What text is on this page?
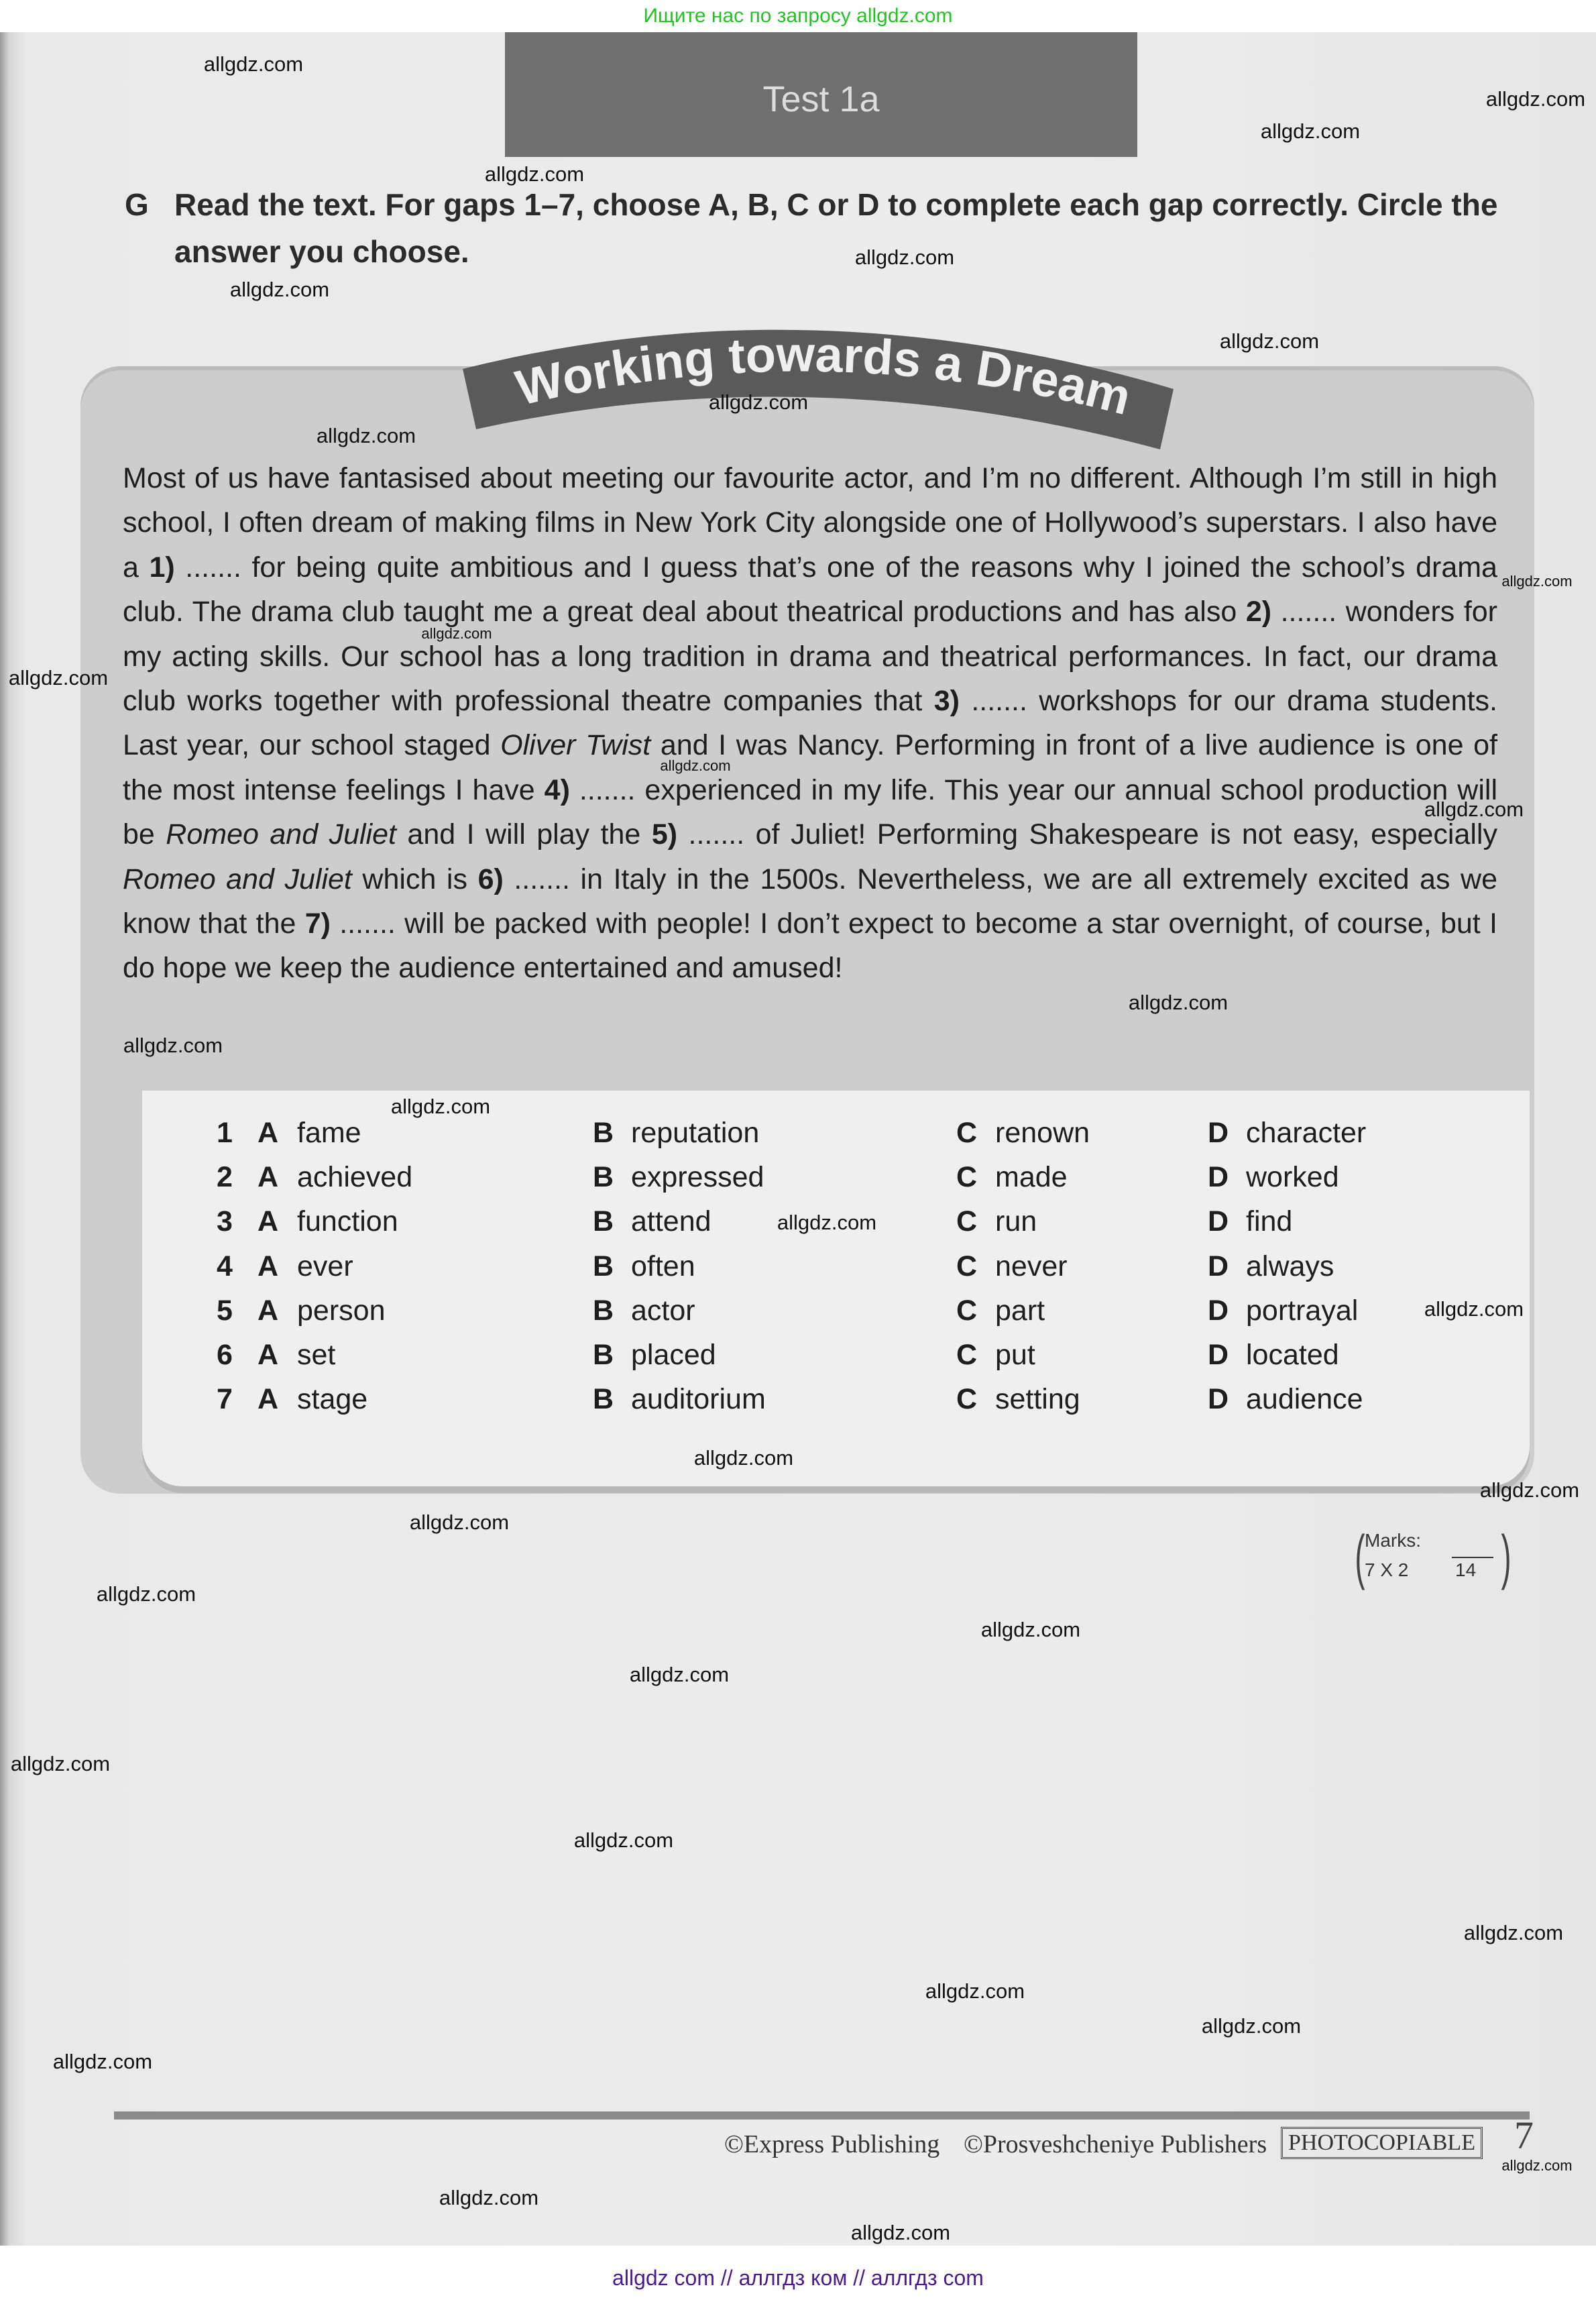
Ищите нас по запросу allgdz.com
Test 1a
G Read the text. For gaps 1–7, choose A, B, C or D to complete each gap correctly. Circle the answer you choose.
Working towards a Dream
Most of us have fantasised about meeting our favourite actor, and I’m no different. Although I’m still in high school, I often dream of making films in New York City alongside one of Hollywood’s superstars. I also have a 1) ....... for being quite ambitious and I guess that’s one of the reasons why I joined the school’s drama club. The drama club taught me a great deal about theatrical productions and has also 2) ....... wonders for my acting skills. Our school has a long tradition in drama and theatrical performances. In fact, our drama club works together with professional theatre companies that 3) ....... workshops for our drama students. Last year, our school staged Oliver Twist and I was Nancy. Performing in front of a live audience is one of the most intense feelings I have 4) ....... experienced in my life. This year our annual school production will be Romeo and Juliet and I will play the 5) ....... of Juliet! Performing Shakespeare is not easy, especially Romeo and Juliet which is 6) ....... in Italy in the 1500s. Nevertheless, we are all extremely excited as we know that the 7) ....... will be packed with people! I don’t expect to become a star overnight, of course, but I do hope we keep the audience entertained and amused!
1 A fame	B reputation	C renown	D character
2 A achieved	B expressed	C made	D worked
3 A function	B attend	C run	D find
4 A ever	B often	C never	D always
5 A person	B actor	C part	D portrayal
6 A set	B placed	C put	D located
7 A stage	B auditorium	C setting	D audience
( Marks:
7 X 2 14 )
©Express Publishing ©Prosveshcheniye Publishers PHOTOCOPIABLE 7
allgdz com // аллгдз ком // аллгдз com
allgdz.com
allgdz.com
allgdz.com
allgdz.com
allgdz.com
allgdz.com
allgdz.com
allgdz.com
allgdz.com
allgdz.com
allgdz.com
allgdz.com
allgdz.com
allgdz.com
allgdz.com
allgdz.com
allgdz.com
allgdz.com
allgdz.com
allgdz.com
allgdz.com
allgdz.com
allgdz.com
allgdz.com
allgdz.com
allgdz.com
allgdz.com
allgdz.com
allgdz.com
allgdz.com
allgdz.com
allgdz.com
allgdz.com
allgdz.com
